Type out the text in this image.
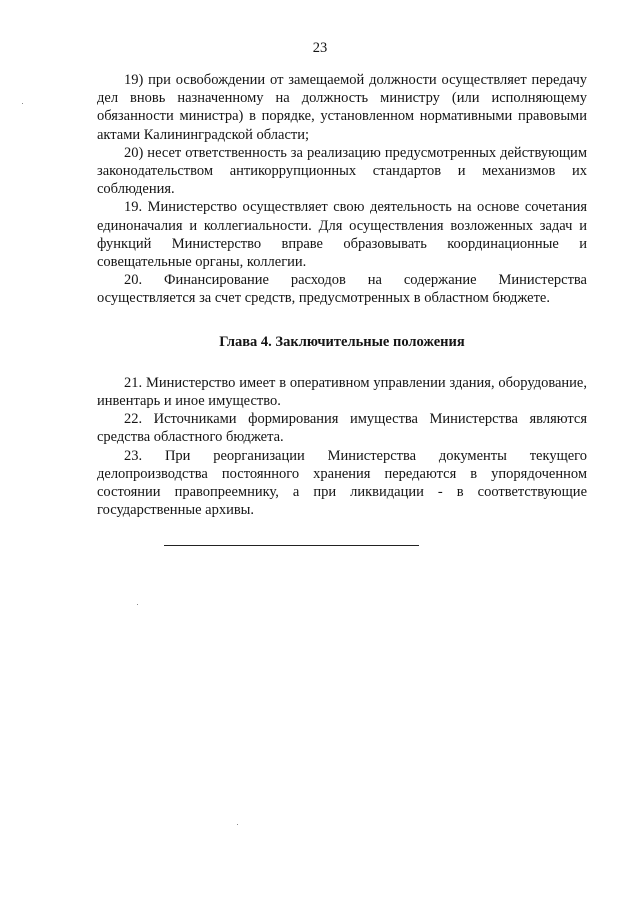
23

19) при освобождении от замещаемой должности осуществляет передачу дел вновь назначенному на должность министру (или исполняющему обязанности министра) в порядке, установленном нормативными правовыми актами Калининградской области;

20) несет ответственность за реализацию предусмотренных действующим законодательством антикоррупционных стандартов и механизмов их соблюдения.

19. Министерство осуществляет свою деятельность на основе сочетания единоначалия и коллегиальности. Для осуществления возложенных задач и функций Министерство вправе образовывать координационные и совещательные органы, коллегии.

20. Финансирование расходов на содержание Министерства осуществляется за счет средств, предусмотренных в областном бюджете.

Глава 4. Заключительные положения

21. Министерство имеет в оперативном управлении здания, оборудование, инвентарь и иное имущество.

22. Источниками формирования имущества Министерства являются средства областного бюджета.

23. При реорганизации Министерства документы текущего делопроизводства постоянного хранения передаются в упорядоченном состоянии правопреемнику, а при ликвидации - в соответствующие государственные архивы.
